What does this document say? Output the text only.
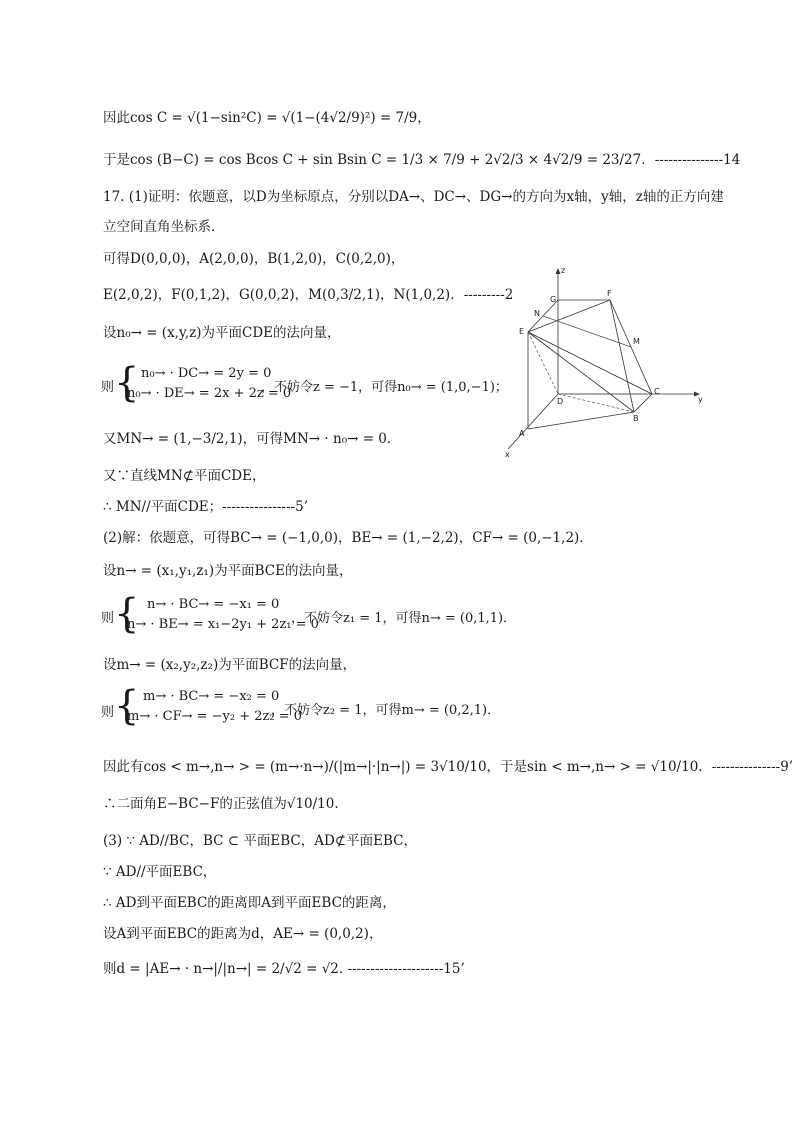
因此cos C = √(1−sin²C) = √(1−(4√2/9)²) = 7/9，
于是cos (B−C) = cos Bcos C + sin Bsin C = 1/3 × 7/9 + 2√2/3 × 4√2/9 = 23/27．---------------14
17. (1)证明：依题意，以D为坐标原点，分别以DA→、DC→、DG→的方向为x轴，y轴，z轴的正方向建
立空间直角坐标系．
可得D(0,0,0)，A(2,0,0)，B(1,2,0)，C(0,2,0)，
E(2,0,2)，F(0,1,2)，G(0,0,2)，M(0,3/2,1)，N(1,0,2)．---------2
设n₀→ = (x,y,z)为平面CDE的法向量，
则 { n₀→ · DC→ = 2y = 0
n₀→ · DE→ = 2x + 2z = 0
，不妨令z = −1，可得n₀→ = (1,0,−1)；
又MN→ = (1,−3/2,1)，可得MN→ · n₀→ = 0．
又∵直线MN⊄平面CDE，
∴ MN//平面CDE；----------------5’
(2)解：依题意，可得BC→ = (−1,0,0)，BE→ = (1,−2,2)，CF→ = (0,−1,2)．
设n→ = (x₁,y₁,z₁)为平面BCE的法向量，
则 { n→ · BC→ = −x₁ = 0
n→ · BE→ = x₁−2y₁ + 2z₁ = 0
，不妨令z₁ = 1，可得n→ = (0,1,1)．
设m→ = (x₂,y₂,z₂)为平面BCF的法向量，
则 { m→ · BC→ = −x₂ = 0
m→ · CF→ = −y₂ + 2z₂ = 0
，不妨令z₂ = 1，可得m→ = (0,2,1)．
因此有cos < m→,n→ > = (m→·n→)/(|m→|·|n→|) = 3√10/10，于是sin < m→,n→ > = √10/10．---------------9’
∴二面角E−BC−F的正弦值为√10/10.
(3) ∵ AD//BC，BC ⊂ 平面EBC，AD⊄平面EBC，
∵ AD//平面EBC，
∴ AD到平面EBC的距离即A到平面EBC的距离，
设A到平面EBC的距离为d，AE→ = (0,0,2)，
则d = |AE→ · n→|/|n→| = 2/√2 = √2. ---------------------15’
z
y
x
G
F
N
E
M
D
C
B
A
